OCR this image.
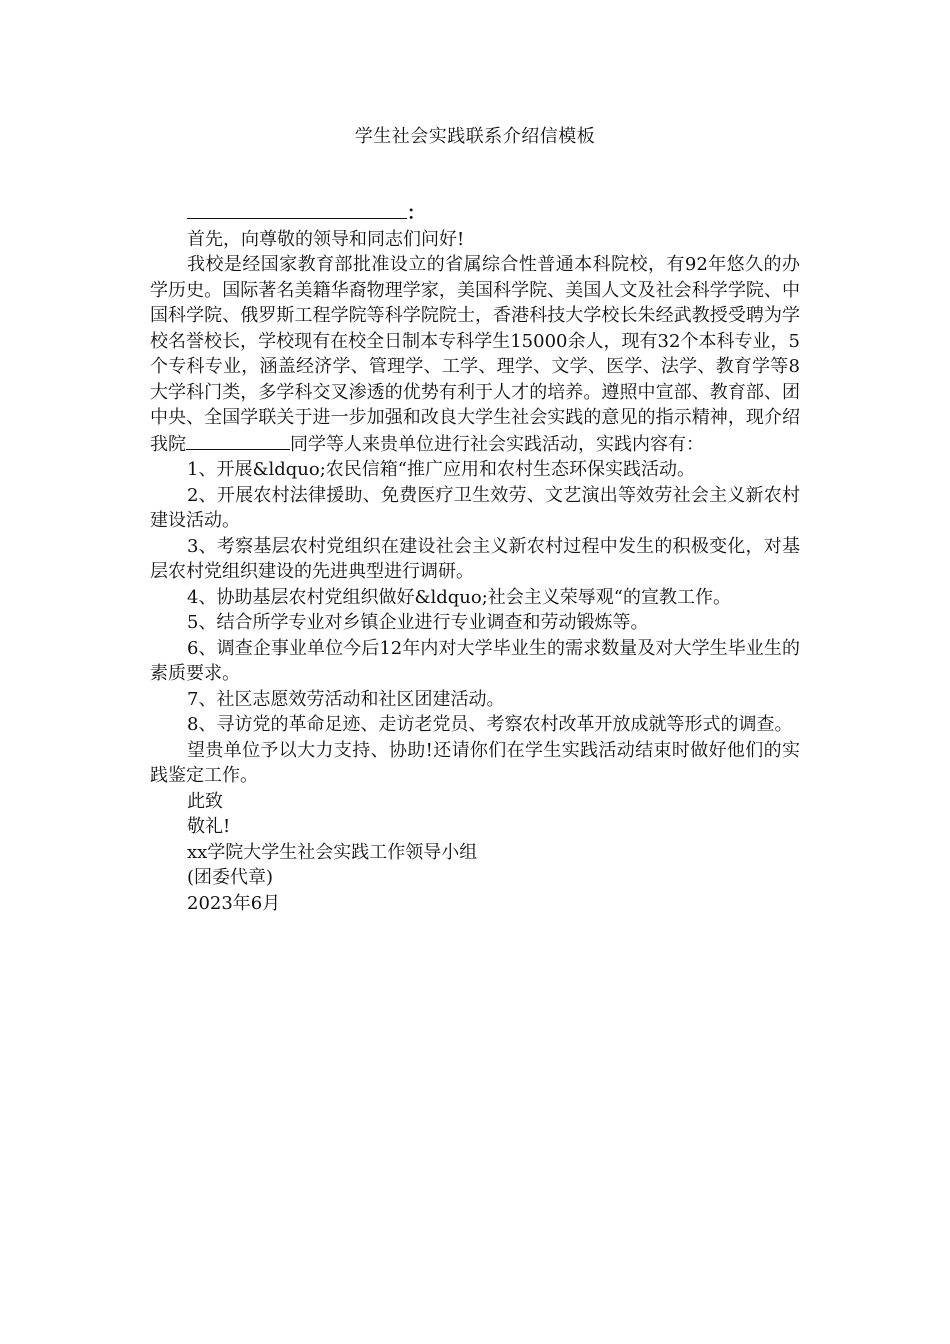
学生社会实践联系介绍信模板

：

首先，向尊敬的领导和同志们问好!

我校是经国家教育部批准设立的省属综合性普通本科院校，有92年悠久的办学历史。国际著名美籍华裔物理学家，美国科学院、美国人文及社会科学学院、中国科学院、俄罗斯工程学院等科学院院士，香港科技大学校长朱经武教授受聘为学校名誉校长，学校现有在校全日制本专科学生15000余人，现有32个本科专业，5个专科专业，涵盖经济学、管理学、工学、理学、文学、医学、法学、教育学等8大学科门类，多学科交叉渗透的优势有利于人才的培养。遵照中宣部、教育部、团中央、全国学联关于进一步加强和改良大学生社会实践的意见的指示精神，现介绍我院	同学等人来贵单位进行社会实践活动，实践内容有：

1、开展&ldquo;农民信箱“推广应用和农村生态环保实践活动。

2、开展农村法律援助、免费医疗卫生效劳、文艺演出等效劳社会主义新农村建设活动。

3、考察基层农村党组织在建设社会主义新农村过程中发生的积极变化，对基层农村党组织建设的先进典型进行调研。

4、协助基层农村党组织做好&ldquo;社会主义荣辱观“的宣教工作。

5、结合所学专业对乡镇企业进行专业调查和劳动锻炼等。

6、调查企事业单位今后12年内对大学毕业生的需求数量及对大学生毕业生的素质要求。

7、社区志愿效劳活动和社区团建活动。

8、寻访党的革命足迹、走访老党员、考察农村改革开放成就等形式的调查。

望贵单位予以大力支持、协助!还请你们在学生实践活动结束时做好他们的实践鉴定工作。

此致

敬礼!

xx学院大学生社会实践工作领导小组

(团委代章)

2023年6月
